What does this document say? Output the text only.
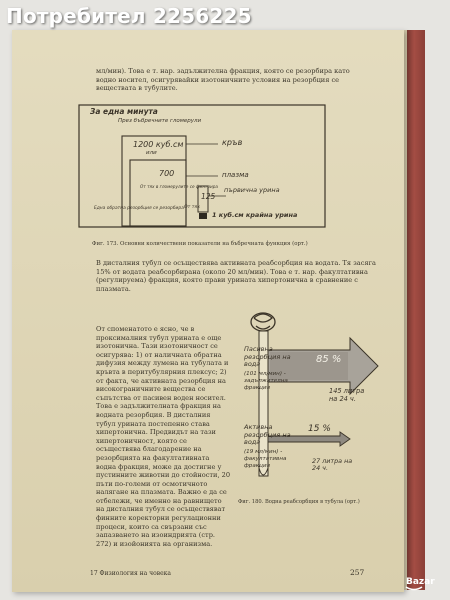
мл/мин). Това е т. нар. задължителна фракция, която се резорбира като водно носител, осигурявайки изотоничните условия на резорбция се веществата в тубулите.
За една минута
През бъбречните гломерули
1200 куб.см
или
кръв
700	плазма
От тях в гломерулите се филтрира
125
първична урина
От тях
1 куб.см крайна урина
Една обратна резорбция се резорбира
Фиг. 173. Основни количествени показатели на бъбречната функция (орт.)
В дисталния тубул се осъществява активната реабсорбция на водата. Тя засяга 15% от водата реабсорбирана (около 20 мл/мин). Това е т. нар. факултативна (регулируема) фракция, която прави урината хипертонична в сравнение с плазмата.
От споменатото е ясно, че в проксималния тубул урината е още изотонична. Тази изотоничност се осигурява: 1) от наличната обратна дифузия между лумена на тубулата и кръвта в перитубулярния плексус; 2) от факта, че активната резорбция на високограничните вещества се съпътства от пасивен воден носител. Това е задължителната фракция на водната резорбция. В дисталния тубул урината постепенно става хипертонична. Предвидът на тази хипертоничност, която се осъществява благодарение на резорбцията на факултативната водна фракция, може да достигне у пустинните животни до стойности, 20 пъти по-големи от осмотичното налягане на плазмата. Важно е да се отбележи, че именно на равнището на дисталния тубул се осъществяват финните коректорни регулационни процеси, които са свързани със запазването на изоиндрията (стр. 272) и изойонията на организма.
Пасивна резорбция на вода
(101 мл/мин) - задължителна фракция
85 %
145 литра на 24 ч.
Активна резорбция на вода
(19 мл/мин) - факултативна фракция
15 %
27 литра на 24 ч.
Фиг. 180. Водна реабсорбция в тубула (орт.)
17 Физиология на човека	257
Потребител 2256225
Bazar
